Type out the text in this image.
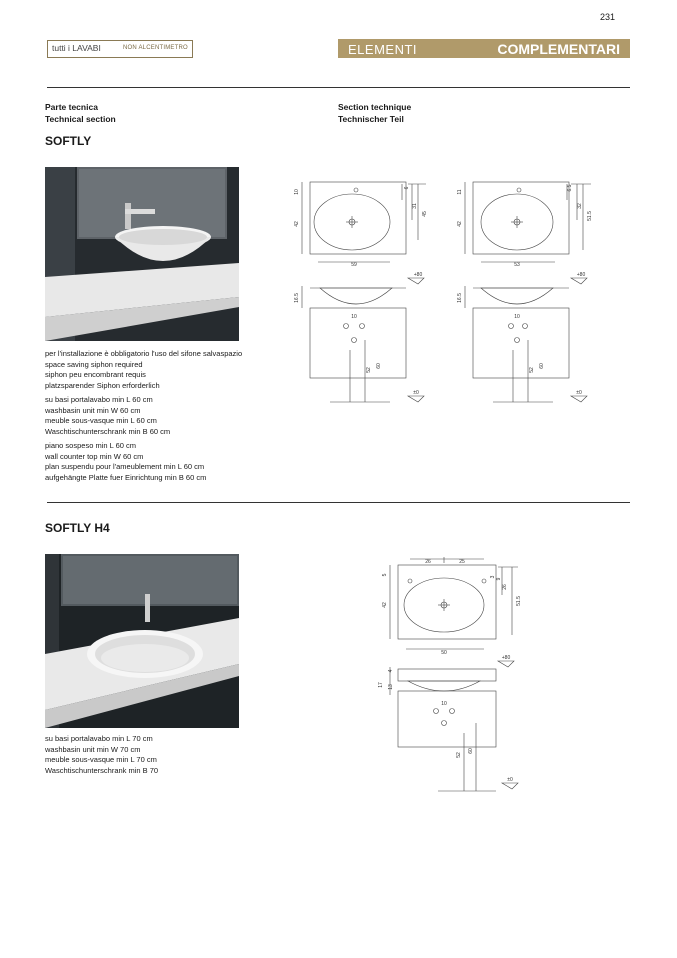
231
tutti i LAVABI	NON ALCENTIMETRO	ELEMENTI	COMPLEMENTARI
Parte tecnica
Technical section
Section technique
Technischer Teil
SOFTLY
per l'installazione è obbligatorio l'uso del sifone salvaspazio
space saving siphon required
siphon peu encombrant requis
platzsparender Siphon erforderlich
su basi portalavabo min L 60 cm
washbasin unit min W 60 cm
meuble sous-vasque min L 60 cm
Waschtischunterschrank min B 60 cm
piano sospeso min L 60 cm
wall counter top min W 60 cm
plan suspendu pour l'ameublement min L 60 cm
aufgehängte Platte fuer Einrichtung min B 60 cm
10
42
59
6
31
45
16.5
+80
10
52
60
±0
11
42
53
6.5
32
51.5
16.5
+80
10
52
60
±0
SOFTLY H4
su basi portalavabo min L 70 cm
washbasin unit min W 70 cm
meuble sous-vasque min L 70 cm
Waschtischunterschrank min B 70
26	25
5
3
9
26
51.5
42
50
17
4
13
+80
10
52
60
±0
